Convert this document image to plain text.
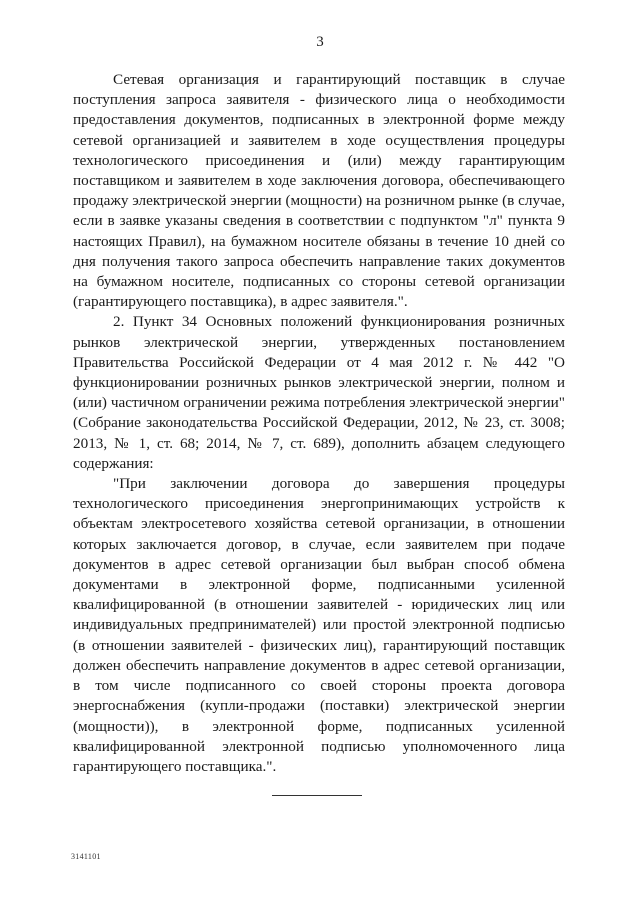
3

Сетевая организация и гарантирующий поставщик в случае поступления запроса заявителя - физического лица о необходимости предоставления документов, подписанных в электронной форме между сетевой организацией и заявителем в ходе осуществления процедуры технологического присоединения и (или) между гарантирующим поставщиком и заявителем в ходе заключения договора, обеспечивающего продажу электрической энергии (мощности) на розничном рынке (в случае, если в заявке указаны сведения в соответствии с подпунктом "л" пункта 9 настоящих Правил), на бумажном носителе обязаны в течение 10 дней со дня получения такого запроса обеспечить направление таких документов на бумажном носителе, подписанных со стороны сетевой организации (гарантирующего поставщика), в адрес заявителя.".

2. Пункт 34 Основных положений функционирования розничных рынков электрической энергии, утвержденных постановлением Правительства Российской Федерации от 4 мая 2012 г. № 442 "О функционировании розничных рынков электрической энергии, полном и (или) частичном ограничении режима потребления электрической энергии" (Собрание законодательства Российской Федерации, 2012, № 23, ст. 3008; 2013, № 1, ст. 68; 2014, № 7, ст. 689), дополнить абзацем следующего содержания:

"При заключении договора до завершения процедуры технологического присоединения энергопринимающих устройств к объектам электросетевого хозяйства сетевой организации, в отношении которых заключается договор, в случае, если заявителем при подаче документов в адрес сетевой организации был выбран способ обмена документами в электронной форме, подписанными усиленной квалифицированной (в отношении заявителей - юридических лиц или индивидуальных предпринимателей) или простой электронной подписью (в отношении заявителей - физических лиц), гарантирующий поставщик должен обеспечить направление документов в адрес сетевой организации, в том числе подписанного со своей стороны проекта договора энергоснабжения (купли-продажи (поставки) электрической энергии (мощности)), в электронной форме, подписанных усиленной квалифицированной электронной подписью уполномоченного лица гарантирующего поставщика.".

3141101
